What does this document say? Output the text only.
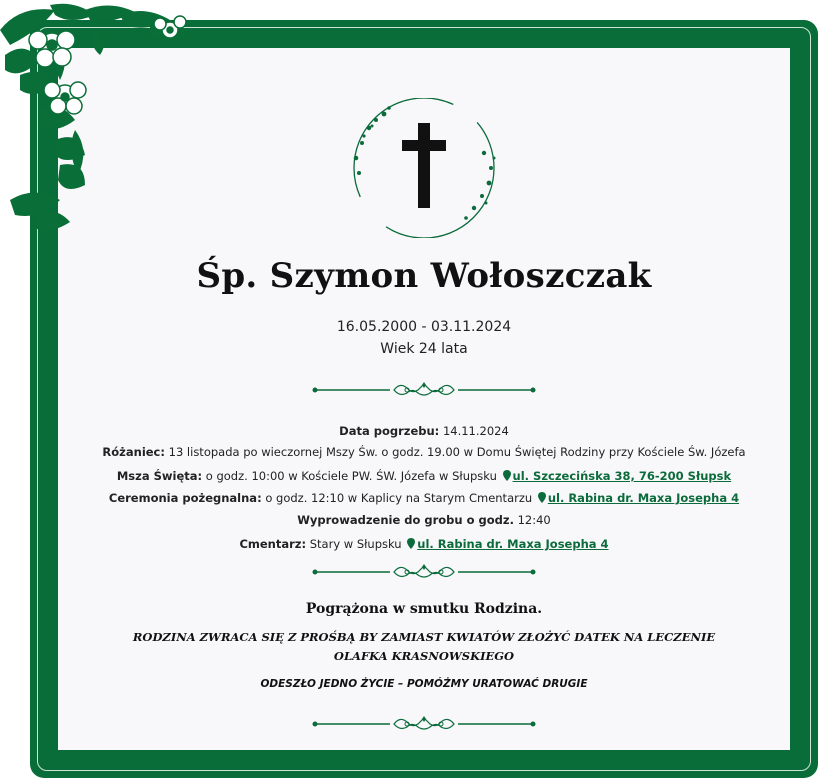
Śp. Szymon Wołoszczak
16.05.2000 - 03.11.2024
Wiek 24 lata
Data pogrzebu: 14.11.2024
Różaniec: 13 listopada po wieczornej Mszy Św. o godz. 19.00 w Domu Świętej Rodziny przy Kościele Św. Józefa
Msza Święta: o godz. 10:00 w Kościele PW. ŚW. Józefa w Słupsku ul. Szczecińska 38, 76-200 Słupsk
Ceremonia pożegnalna: o godz. 12:10 w Kaplicy na Starym Cmentarzu ul. Rabina dr. Maxa Josepha 4
Wyprowadzenie do grobu o godz. 12:40
Cmentarz: Stary w Słupsku ul. Rabina dr. Maxa Josepha 4
Pogrążona w smutku Rodzina.
RODZINA ZWRACA SIĘ Z PROŚBĄ BY ZAMIAST KWIATÓW ZŁOŻYĆ DATEK NA LECZENIE
OLAFKA KRASNOWSKIEGO
ODESZŁO JEDNO ŻYCIE – POMÓŻMY URATOWAĆ DRUGIE
